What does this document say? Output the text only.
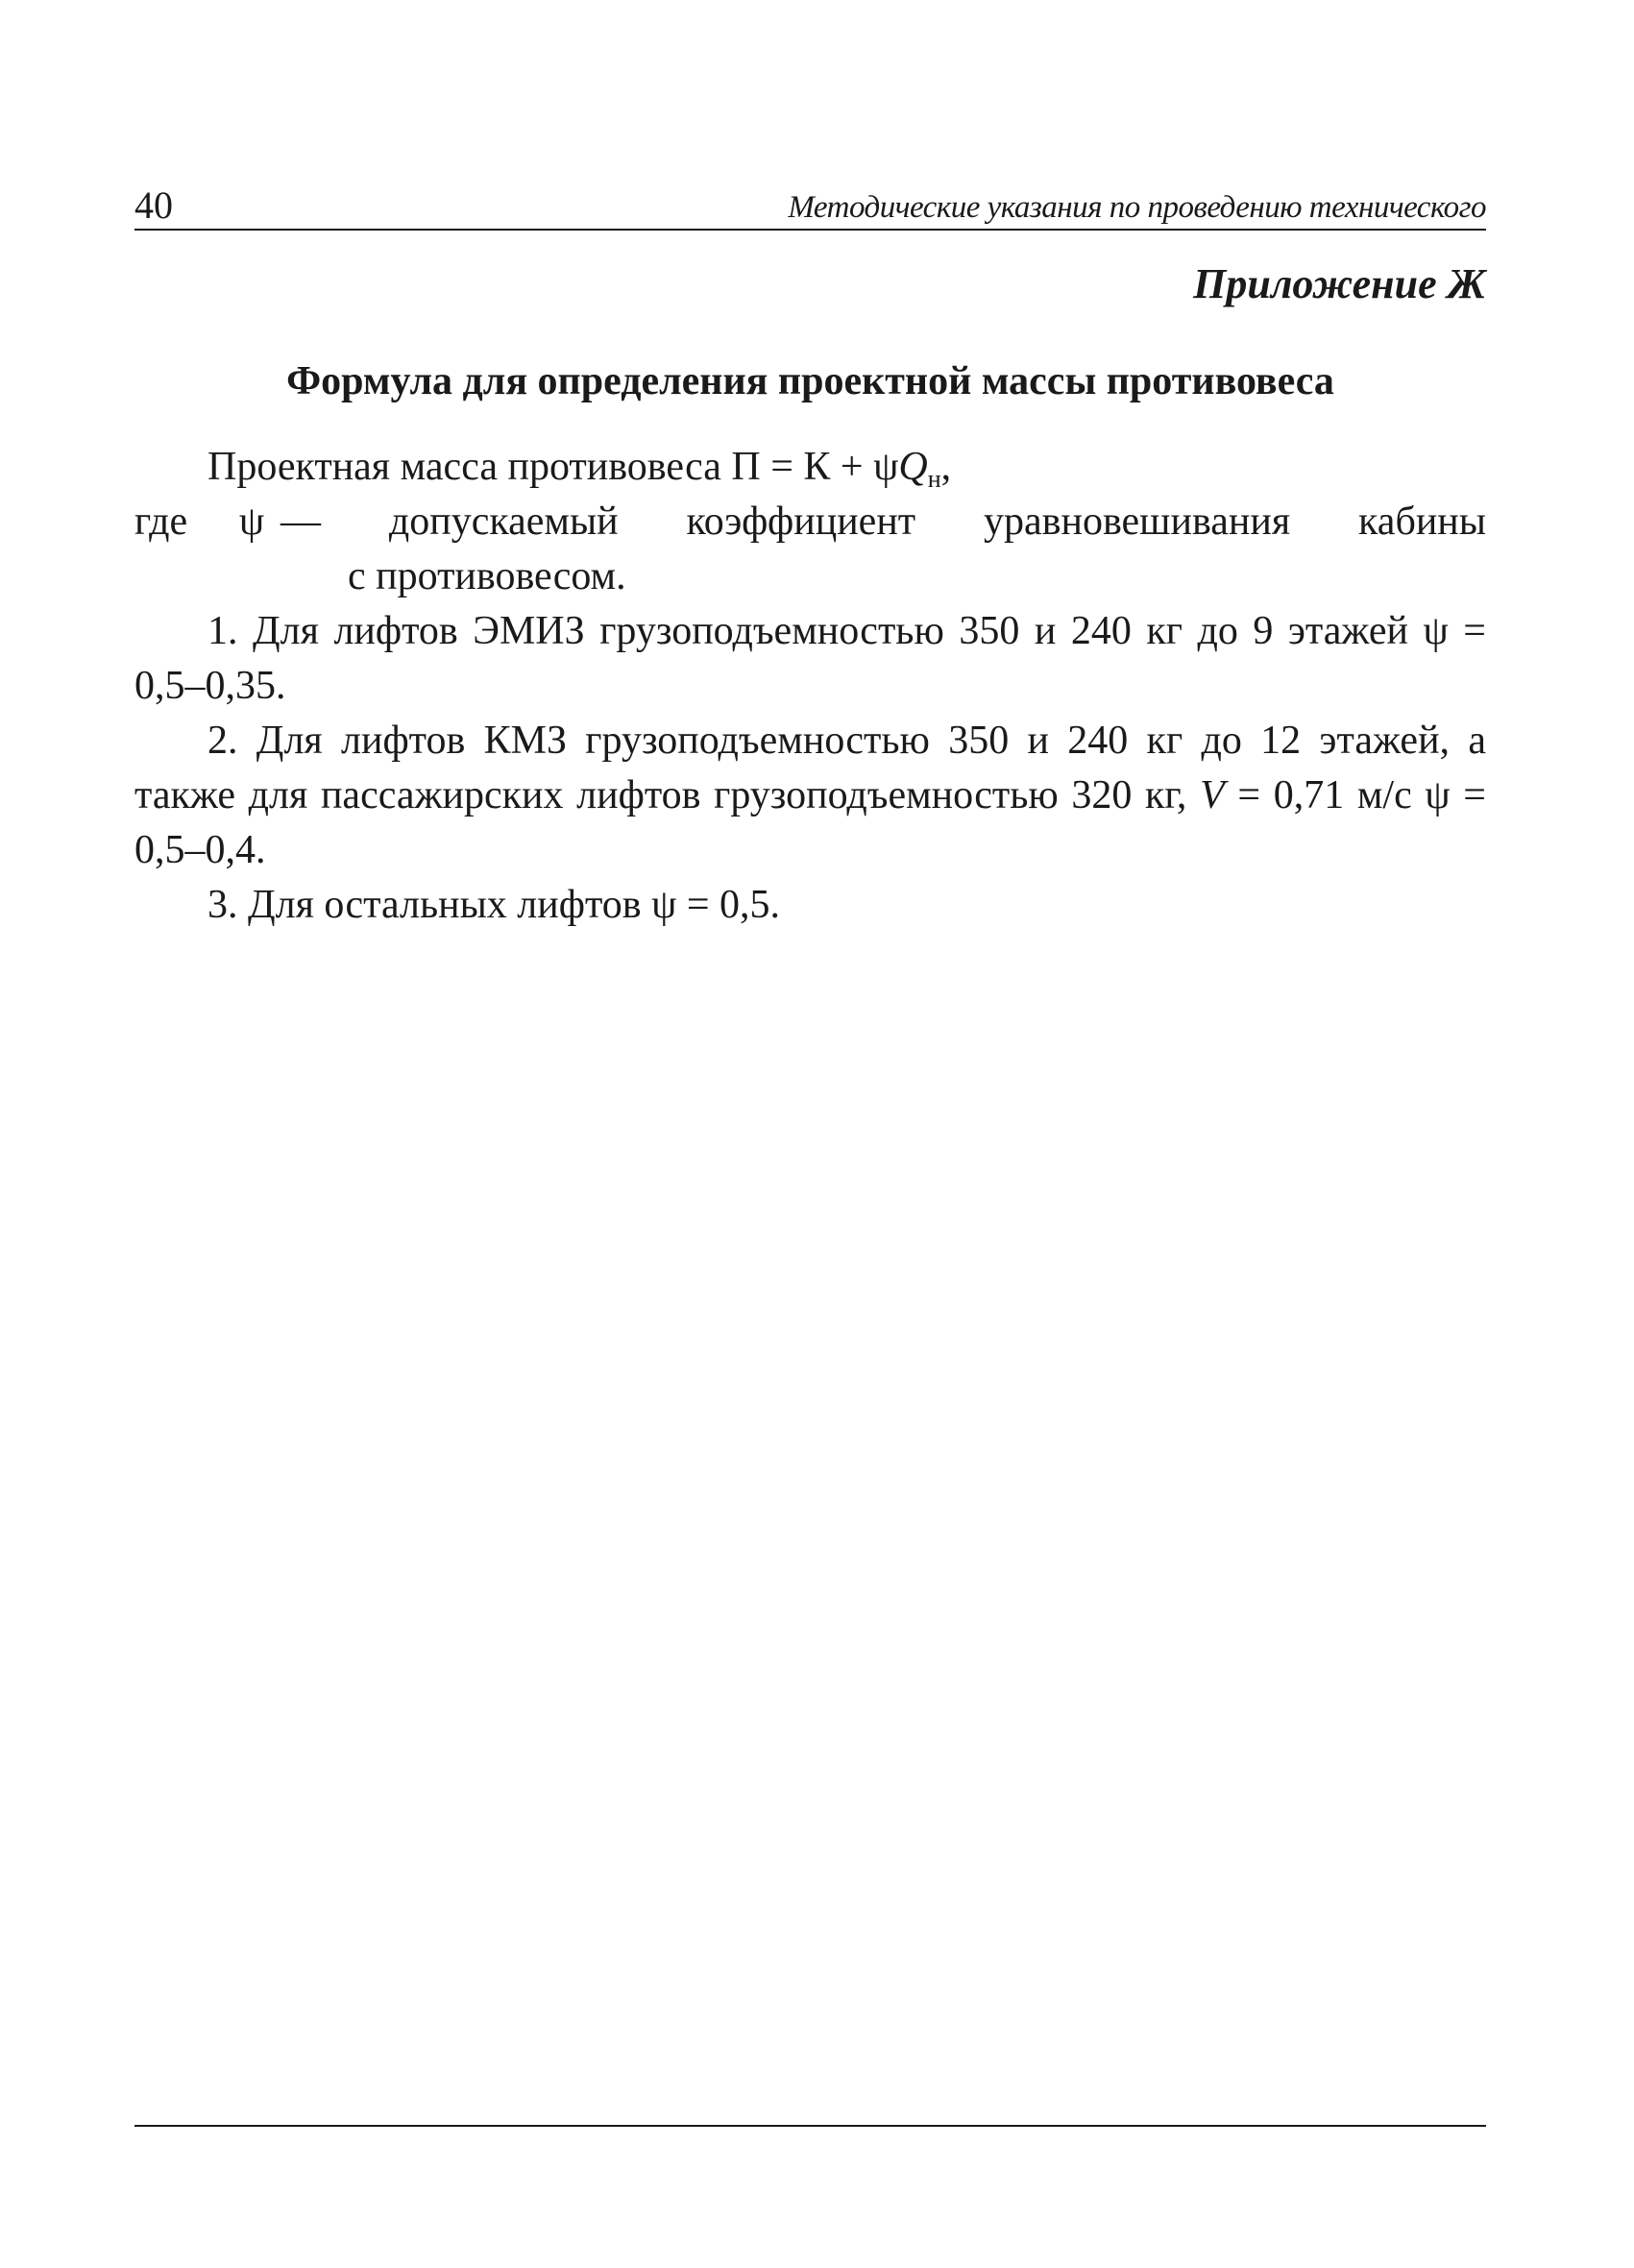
40	Методические указания по проведению технического
Приложение Ж
Формула для определения проектной массы противовеса
Проектная масса противовеса $П = К + \psi Q_н$,
где	ψ — допускаемый коэффициент уравновешивания кабины
с противовесом.
1. Для лифтов ЭМИЗ грузоподъемностью 350 и 240 кг до 9 этажей ψ = 0,5–0,35.
2. Для лифтов КМЗ грузоподъемностью 350 и 240 кг до 12 этажей, а также для пассажирских лифтов грузоподъемностью 320 кг, V = 0,71 м/с ψ = 0,5–0,4.
3. Для остальных лифтов ψ = 0,5.
